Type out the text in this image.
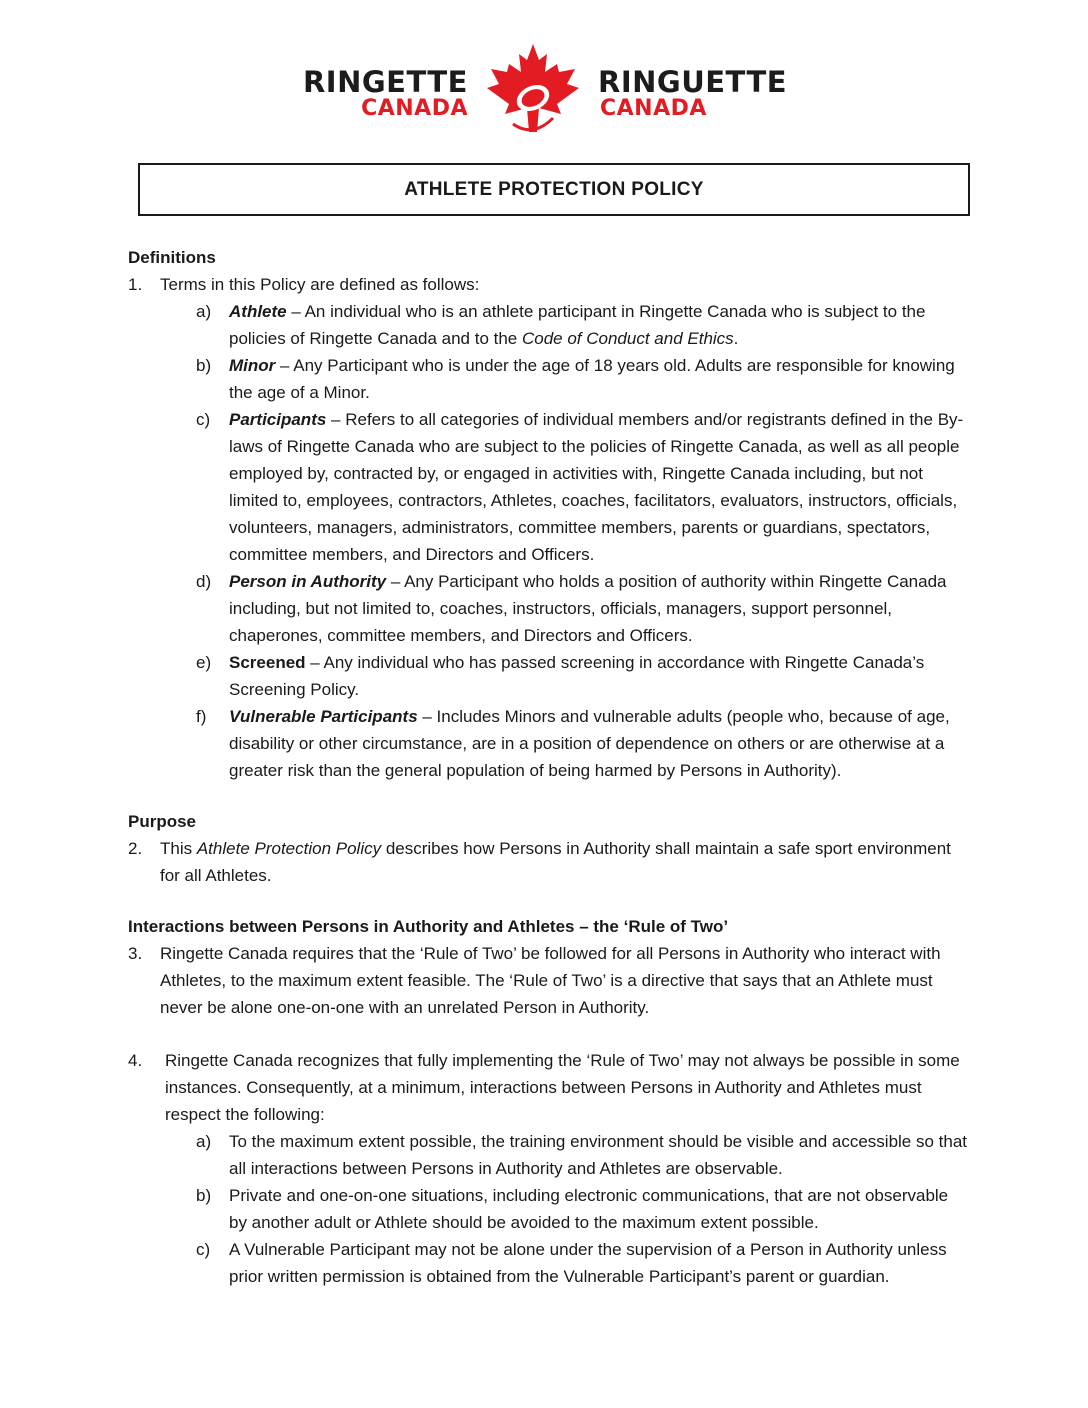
RINGETTE
CANADA
RINGUETTE
CANADA
ATHLETE PROTECTION POLICY

Definitions

1.	Terms in this Policy are defined as follows:
a) Athlete – An individual who is an athlete participant in Ringette Canada who is subject to the policies of Ringette Canada and to the Code of Conduct and Ethics.
b) Minor – Any Participant who is under the age of 18 years old. Adults are responsible for knowing the age of a Minor.
c) Participants – Refers to all categories of individual members and/or registrants defined in the By-laws of Ringette Canada who are subject to the policies of Ringette Canada, as well as all people employed by, contracted by, or engaged in activities with, Ringette Canada including, but not limited to, employees, contractors, Athletes, coaches, facilitators, evaluators, instructors, officials, volunteers, managers, administrators, committee members, parents or guardians, spectators, committee members, and Directors and Officers.
d) Person in Authority – Any Participant who holds a position of authority within Ringette Canada including, but not limited to, coaches, instructors, officials, managers, support personnel, chaperones, committee members, and Directors and Officers.
e) Screened – Any individual who has passed screening in accordance with Ringette Canada’s Screening Policy.
f) Vulnerable Participants – Includes Minors and vulnerable adults (people who, because of age, disability or other circumstance, are in a position of dependence on others or are otherwise at a greater risk than the general population of being harmed by Persons in Authority).

Purpose

2.	This Athlete Protection Policy describes how Persons in Authority shall maintain a safe sport environment for all Athletes.

Interactions between Persons in Authority and Athletes – the ‘Rule of Two’

3.	Ringette Canada requires that the ‘Rule of Two’ be followed for all Persons in Authority who interact with Athletes, to the maximum extent feasible. The ‘Rule of Two’ is a directive that says that an Athlete must never be alone one-on-one with an unrelated Person in Authority.
4.	Ringette Canada recognizes that fully implementing the ‘Rule of Two’ may not always be possible in some instances. Consequently, at a minimum, interactions between Persons in Authority and Athletes must respect the following:
a) To the maximum extent possible, the training environment should be visible and accessible so that all interactions between Persons in Authority and Athletes are observable.
b) Private and one-on-one situations, including electronic communications, that are not observable by another adult or Athlete should be avoided to the maximum extent possible.
c) A Vulnerable Participant may not be alone under the supervision of a Person in Authority unless prior written permission is obtained from the Vulnerable Participant’s parent or guardian.
